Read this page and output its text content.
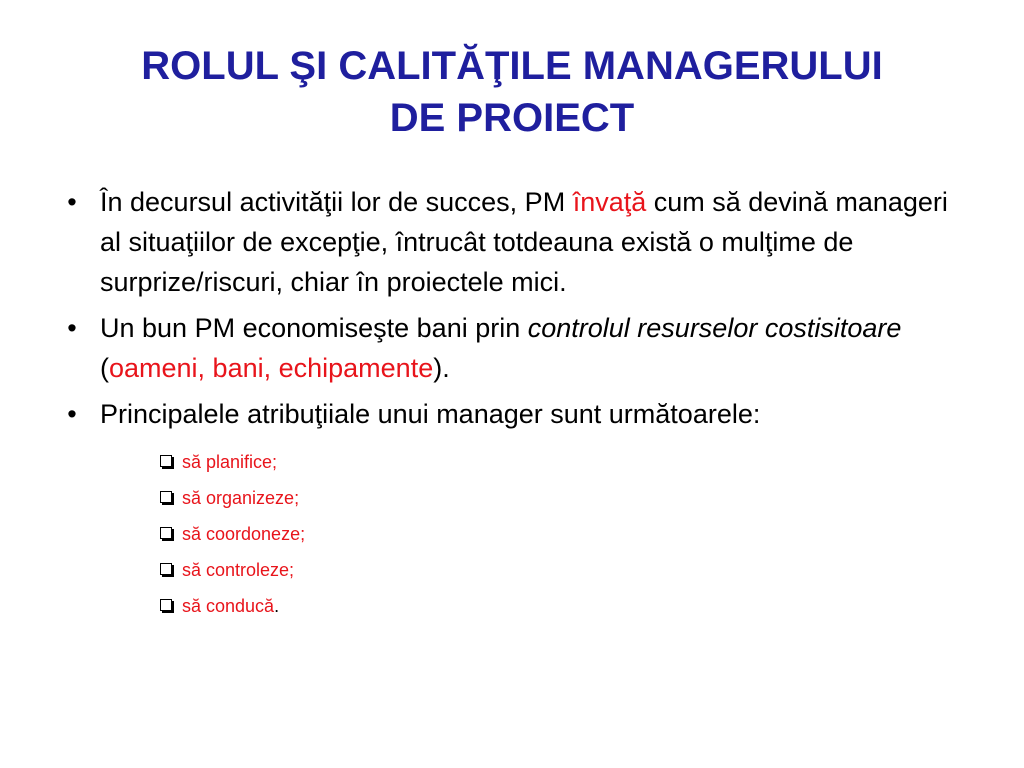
ROLUL ŞI CALITĂŢILE MANAGERULUI
DE PROIECT
• În decursul activităţii lor de succes, PM învaţă cum să devină manageri al situaţiilor de excepţie, întrucât totdeauna există o mulţime de surprize/riscuri, chiar în proiectele mici.
• Un bun PM economiseşte bani prin controlul resurselor costisitoare (oameni, bani, echipamente).
• Principalele atribuţiiale unui manager sunt următoarele:
să planifice;
să organizeze;
să coordoneze;
să controleze;
să conducă.
